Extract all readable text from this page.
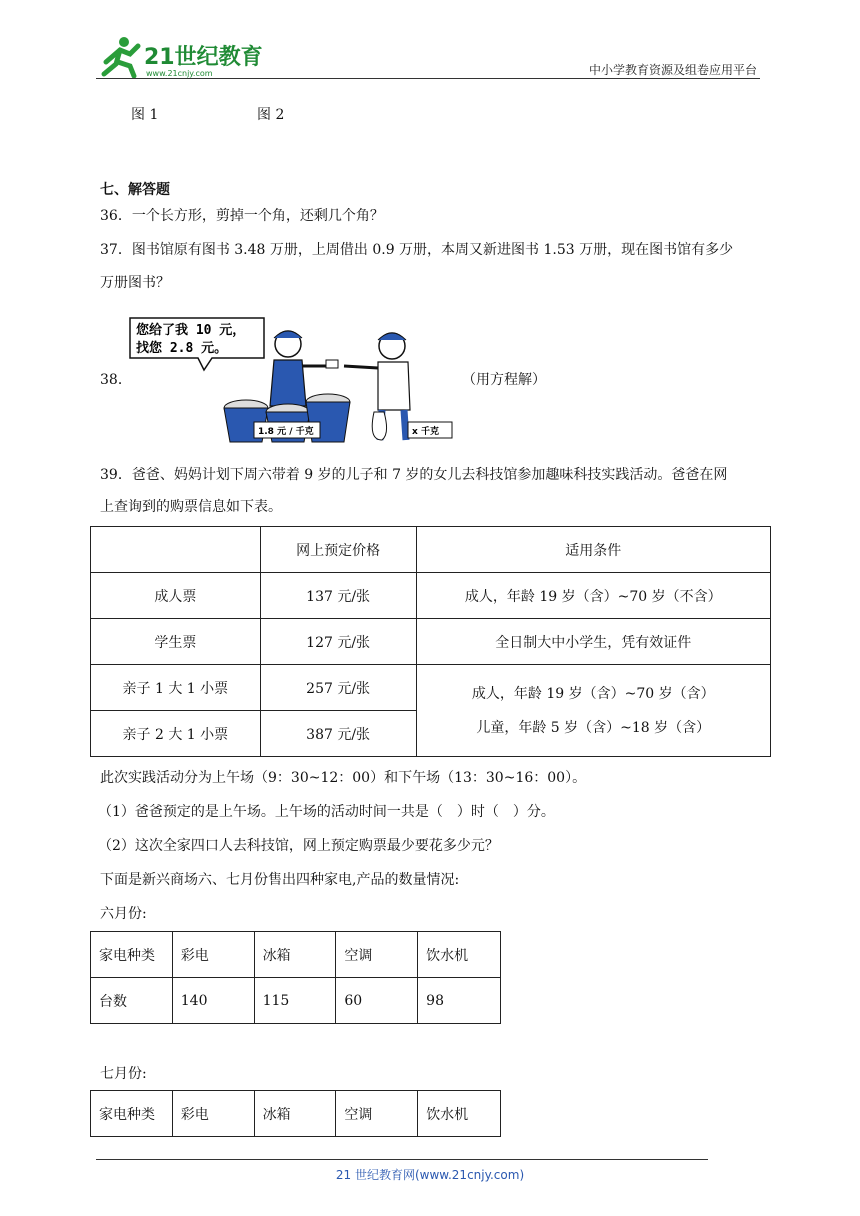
21世纪教育
www.21cnjy.com	中小学教育资源及组卷应用平台
图 1	图 2
七、解答题
36．一个长方形，剪掉一个角，还剩几个角？
37．图书馆原有图书 3.48 万册，上周借出 0.9 万册，本周又新进图书 1.53 万册，现在图书馆有多少
万册图书？
38．
您给了我 10 元，
找您 2.8 元。
1.8 元 / 千克	x 千克
（用方程解）
39．爸爸、妈妈计划下周六带着 9 岁的儿子和 7 岁的女儿去科技馆参加趣味科技实践活动。爸爸在网
上查询到的购票信息如下表。
	网上预定价格	适用条件
成人票	137 元/张	成人，年龄 19 岁（含）~70 岁（不含）
学生票	127 元/张	全日制大中小学生，凭有效证件
亲子 1 大 1 小票	257 元/张	成人，年龄 19 岁（含）~70 岁（含）
儿童，年龄 5 岁（含）~18 岁（含）

亲子 2 大 1 小票	387 元/张	
此次实践活动分为上午场（9：30~12：00）和下午场（13：30~16：00）。
（1）爸爸预定的是上午场。上午场的活动时间一共是（　）时（　）分。
（2）这次全家四口人去科技馆，网上预定购票最少要花多少元？
下面是新兴商场六、七月份售出四种家电,产品的数量情况:
六月份:
家电种类	彩电	冰箱	空调	饮水机
台数	140	115	60	98
七月份:
家电种类	彩电	冰箱	空调	饮水机
21 世纪教育网(www.21cnjy.com)
